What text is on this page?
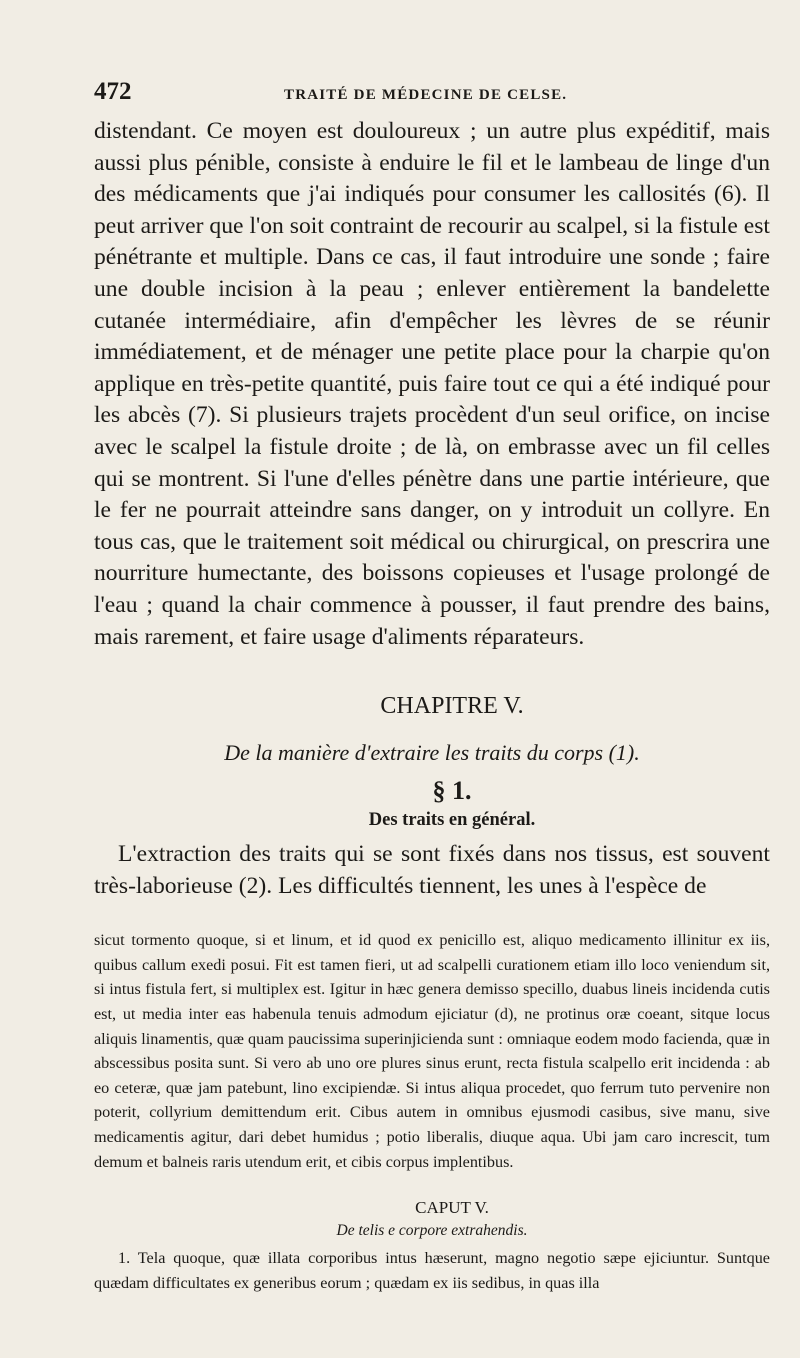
472	TRAITÉ DE MÉDECINE DE CELSE.

distendant. Ce moyen est douloureux ; un autre plus expéditif, mais aussi plus pénible, consiste à enduire le fil et le lambeau de linge d'un des médicaments que j'ai indiqués pour consumer les callosités (6). Il peut arriver que l'on soit contraint de recourir au scalpel, si la fistule est pénétrante et multiple. Dans ce cas, il faut introduire une sonde ; faire une double incision à la peau ; enlever entièrement la bandelette cutanée intermédiaire, afin d'empêcher les lèvres de se réunir immédiatement, et de ménager une petite place pour la charpie qu'on applique en très-petite quantité, puis faire tout ce qui a été indiqué pour les abcès (7). Si plusieurs trajets procèdent d'un seul orifice, on incise avec le scalpel la fistule droite ; de là, on embrasse avec un fil celles qui se montrent. Si l'une d'elles pénètre dans une partie intérieure, que le fer ne pourrait atteindre sans danger, on y introduit un collyre. En tous cas, que le traitement soit médical ou chirurgical, on prescrira une nourriture humectante, des boissons copieuses et l'usage prolongé de l'eau ; quand la chair commence à pousser, il faut prendre des bains, mais rarement, et faire usage d'aliments réparateurs.

CHAPITRE V.
De la manière d'extraire les traits du corps (1).
§ 1.
Des traits en général.

L'extraction des traits qui se sont fixés dans nos tissus, est souvent très-laborieuse (2). Les difficultés tiennent, les unes à l'espèce de

sicut tormento quoque, si et linum, et id quod ex penicillo est, aliquo medicamento illinitur ex iis, quibus callum exedi posui. Fit est tamen fieri, ut ad scalpelli curationem etiam illo loco veniendum sit, si intus fistula fert, si multiplex est. Igitur in hæc genera demisso specillo, duabus lineis incidenda cutis est, ut media inter eas habenula tenuis admodum ejiciatur (d), ne protinus oræ coeant, sitque locus aliquis linamentis, quæ quam paucissima superinjicienda sunt : omniaque eodem modo facienda, quæ in abscessibus posita sunt. Si vero ab uno ore plures sinus erunt, recta fistula scalpello erit incidenda : ab eo ceteræ, quæ jam patebunt, lino excipiendæ. Si intus aliqua procedet, quo ferrum tuto pervenire non poterit, collyrium demittendum erit. Cibus autem in omnibus ejusmodi casibus, sive manu, sive medicamentis agitur, dari debet humidus ; potio liberalis, diuque aqua. Ubi jam caro increscit, tum demum et balneis raris utendum erit, et cibis corpus implentibus.

CAPUT V.
De telis e corpore extrahendis.

1. Tela quoque, quæ illata corporibus intus hæserunt, magno negotio sæpe ejiciuntur. Suntque quædam difficultates ex generibus eorum ; quædam ex iis sedibus, in quas illa
